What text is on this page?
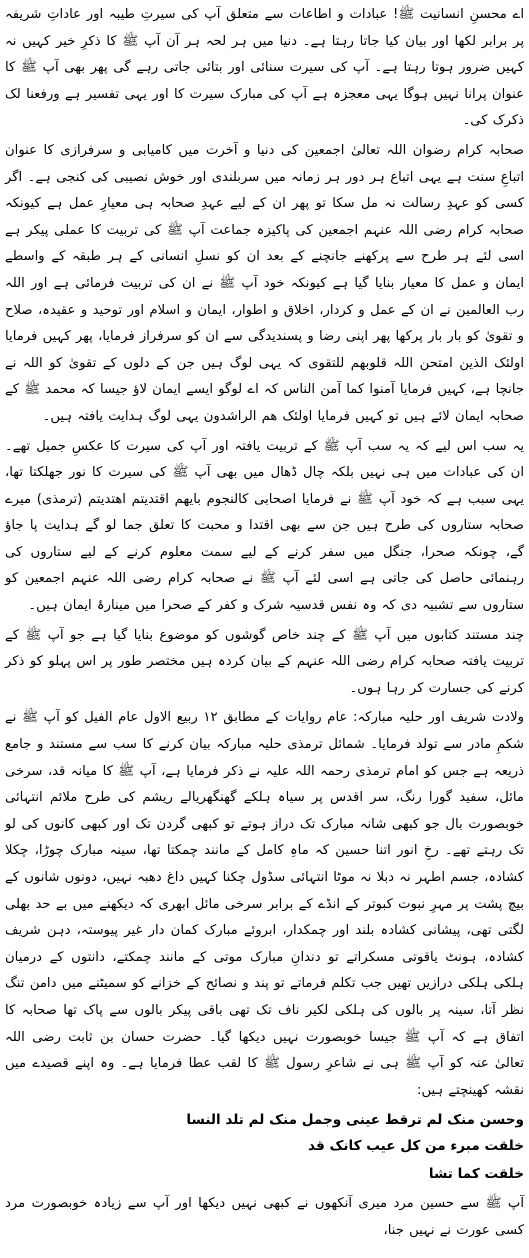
اے محسنِ انسانیت ﷺ! عبادات و اطاعات سے متعلق آپ کی سیرتِ طیبہ اور عاداتِ شریفہ پر برابر لکھا اور بیان کیا جاتا رہتا ہے۔ دنیا میں ہر لحہ ہر آن آپ ﷺ کا ذکرِ خیر کہیں نہ کہیں ضرور ہوتا رہتا ہے۔ آپ کی سیرت سنائی اور بتائی جاتی رہے گی پھر بھی آپ ﷺ کا عنوان پرانا نہیں ہوگا یہی معجزہ ہے آپ کی مبارک سیرت کا اور یہی تفسیر ہے ورفعنا لک ذکرک کی۔

صحابہ کرام رضوان اللہ تعالیٰ اجمعین کی دنیا و آخرت میں کامیابی و سرفرازی کا عنوان اتباعِ سنت ہے یہی اتباع ہر دور ہر زمانہ میں سربلندی اور خوش نصیبی کی کنجی ہے۔ اگر کسی کو عہدِ رسالت نہ مل سکا تو پھر ان کے لیے عہدِ صحابہ ہی معیارِ عمل ہے کیونکہ صحابہ کرام رضی اللہ عنہم اجمعین کی پاکیزہ جماعت آپ ﷺ کی تربیت کا عملی پیکر ہے اسی لئے ہر طرح سے پرکھنے جانچنے کے بعد ان کو نسلِ انسانی کے ہر طبقہ کے واسطے ایمان و عمل کا معیار بنایا گیا ہے کیونکہ خود آپ ﷺ نے ان کی تربیت فرمائی ہے اور اللہ رب العالمین نے ان کے عمل و کردار، اخلاق و اطوار، ایمان و اسلام اور توحید و عقیدہ، صلاح و تقویٰ کو بار بار پرکھا پھر اپنی رضا و پسندیدگی سے ان کو سرفراز فرمایا، پھر کہیں فرمایا اولئک الذین امتحن اللہ قلوبھم للتقوی کہ یہی لوگ ہیں جن کے دلوں کے تقویٰ کو اللہ نے جانچا ہے، کہیں فرمایا آمنوا کما آمن الناس کہ اے لوگو ایسے ایمان لاؤ جیسا کہ محمد ﷺ کے صحابہ ایمان لائے ہیں تو کہیں فرمایا اولئک ھم الراشدون یہی لوگ ہدایت یافتہ ہیں۔

یہ سب اس لیے کہ یہ سب آپ ﷺ کے تربیت یافتہ اور آپ کی سیرت کا عکسِ جمیل تھے۔ ان کی عبادات میں ہی نہیں بلکہ چال ڈھال میں بھی آپ ﷺ کی سیرت کا نور جھلکتا تھا، یہی سبب ہے کہ خود آپ ﷺ نے فرمایا اصحابی کالنجوم بایھم اقتدیتم اھتدیتم (ترمذی) میرے صحابہ ستاروں کی طرح ہیں جن سے بھی اقتدا و محبت کا تعلق جما لو گے ہدایت پا جاؤ گے، چونکہ صحرا، جنگل میں سفر کرنے کے لیے سمت معلوم کرنے کے لیے ستاروں کی رہنمائی حاصل کی جاتی ہے اسی لئے آپ ﷺ نے صحابہ کرام رضی اللہ عنہم اجمعین کو ستاروں سے تشبیہ دی کہ وہ نفس قدسیہ شرک و کفر کے صحرا میں مینارۂ ایمان ہیں۔

چند مستند کتابوں میں آپ ﷺ کے چند خاص گوشوں کو موضوع بنایا گیا ہے جو آپ ﷺ کے تربیت یافتہ صحابہ کرام رضی اللہ عنہم کے بیان کردہ ہیں مختصر طور پر اس پہلو کو ذکر کرنے کی جسارت کر رہا ہوں۔

ولادت شریف اور حلیہ مبارکہ: عام روایات کے مطابق ۱۲ ربیع الاول عام الفیل کو آپ ﷺ نے شکمِ مادر سے تولد فرمایا۔ شمائل ترمذی حلیہ مبارکہ بیان کرنے کا سب سے مستند و جامع ذریعہ ہے جس کو امام ترمذی رحمہ اللہ علیہ نے ذکر فرمایا ہے، آپ ﷺ کا میانہ قد، سرخی مائل، سفید گورا رنگ، سر اقدس پر سیاہ ہلکے گھنگھریالے ریشم کی طرح ملائم انتہائی خوبصورت بال جو کبھی شانہ مبارک تک دراز ہوتے تو کبھی گردن تک اور کبھی کانوں کی لو تک رہتے تھے۔ رخِ انور اتنا حسین کہ ماہِ کامل کے مانند چمکتا تھا، سینہ مبارک چوڑا، چکلا کشادہ، جسم اطہر نہ دبلا نہ موٹا انتہائی سڈول چکنا کہیں داغ دھبہ نہیں، دونوں شانوں کے بیچ پشت پر مہرِ نبوت کبوتر کے انڈے کے برابر سرخی مائل ابھری کہ دیکھنے میں بے حد بھلی لگتی تھی، پیشانی کشادہ بلند اور چمکدار، ابروئے مبارک کمان دار غیر پیوستہ، دہن شریف کشادہ، ہونٹ یاقوتی مسکراتے تو دندانِ مبارک موتی کے مانند چمکتے، دانتوں کے درمیان ہلکی ہلکی درازیں تھیں جب تکلم فرماتے تو پند و نصائح کے خزانے کو سمیٹنے میں دامن تنگ نظر آتا، سینہ پر بالوں کی ہلکی لکیر ناف تک تھی باقی پیکر بالوں سے پاک تھا صحابہ کا اتفاق ہے کہ آپ ﷺ جیسا خوبصورت نہیں دیکھا گیا۔ حضرت حسان بن ثابت رضی اللہ تعالیٰ عنہ کو آپ ﷺ ہی نے شاعرِ رسول ﷺ کا لقب عطا فرمایا ہے۔ وہ اپنے قصیدے میں نقشہ کھینچتے ہیں:

وحسن منک لم ترقط عینی وجمل منک لم تلد النسا
خلقت مبرء من کل عیب کانک قد
خلقت کما تشا

آپ ﷺ سے حسین مرد میری آنکھوں نے کبھی نہیں دیکھا اور آپ سے زیادہ خوبصورت مرد کسی عورت نے نہیں جنا،
